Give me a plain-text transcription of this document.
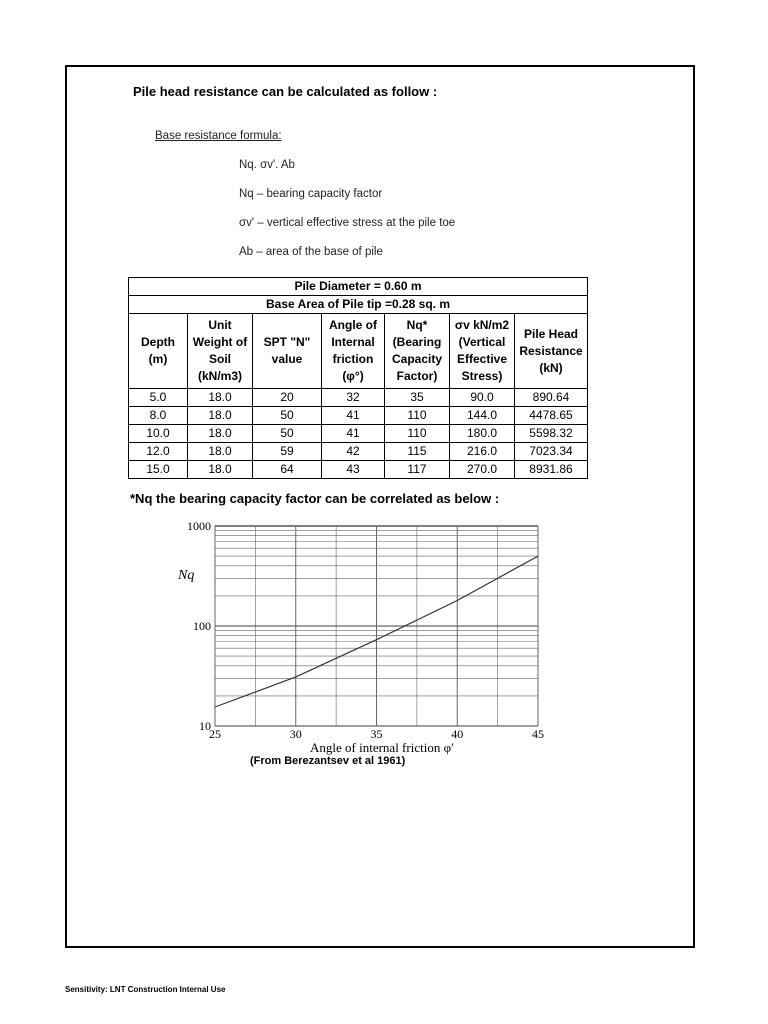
Pile head resistance can be calculated as follow :
Base resistance formula:
Nq. σv'. Ab
Nq – bearing capacity factor
σv' – vertical effective stress at the pile toe
Ab – area of the base of pile
Pile Diameter = 0.60 m						
Base Area of Pile tip =0.28 sq. m						
Depth (m)	Unit Weight of Soil (kN/m3)	SPT "N" value	Angle of Internal friction (φ°)	Nq* (Bearing Capacity Factor)	σv kN/m2 (Vertical Effective Stress)	Pile Head Resistance (kN)
5.0	18.0	20	32	35	90.0	890.64
8.0	18.0	50	41	110	144.0	4478.65
10.0	18.0	50	41	110	180.0	5598.32
12.0	18.0	59	42	115	216.0	7023.34
15.0	18.0	64	43	117	270.0	8931.86
*Nq the bearing capacity factor can be correlated as below :
25	30	35	40	45
10
100
1000
Nq
Angle of internal friction φ′
(From Berezantsev et al 1961)
Sensitivity: LNT Construction Internal Use
